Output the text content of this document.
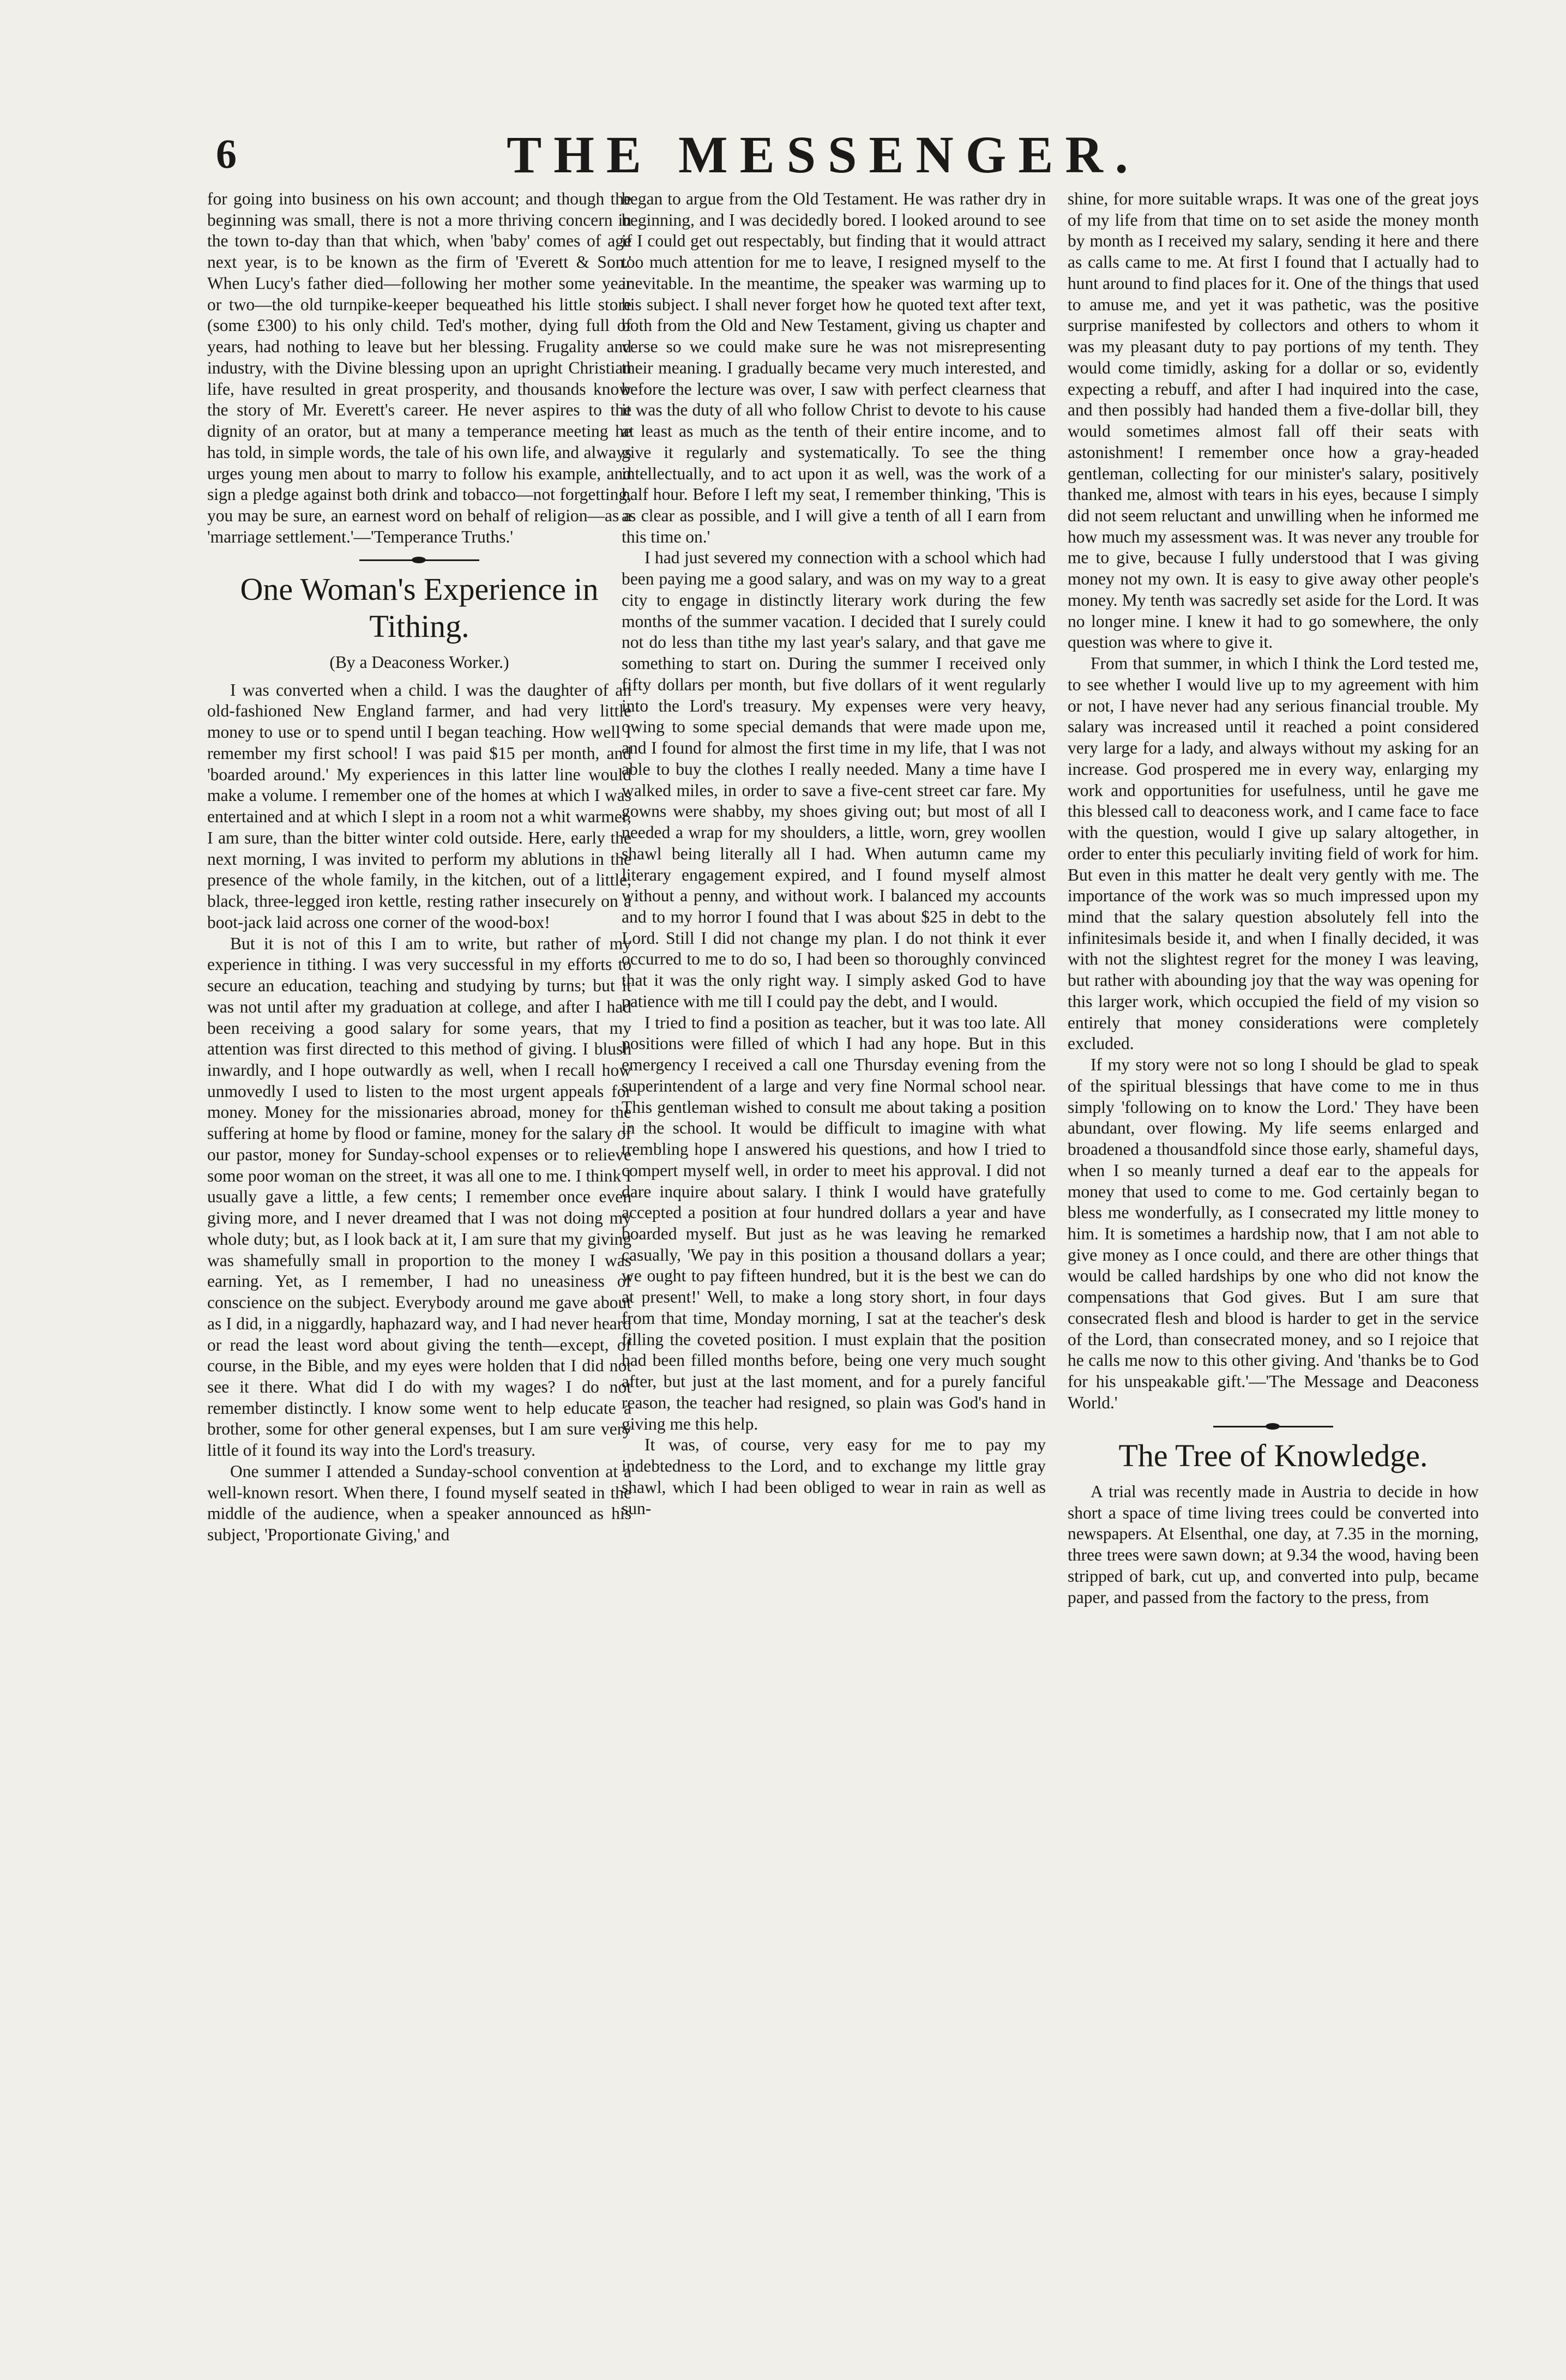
6	THE MESSENGER.

for going into business on his own account; and though the beginning was small, there is not a more thriving concern in the town to-day than that which, when 'baby' comes of age next year, is to be known as the firm of 'Everett & Son.' When Lucy's father died—following her mother some year or two—the old turnpike-keeper bequeathed his little store (some £300) to his only child. Ted's mother, dying full of years, had nothing to leave but her blessing. Frugality and industry, with the Divine blessing upon an upright Christian life, have resulted in great prosperity, and thousands know the story of Mr. Everett's career. He never aspires to the dignity of an orator, but at many a temperance meeting he has told, in simple words, the tale of his own life, and always urges young men about to marry to follow his example, and sign a pledge against both drink and tobacco—not forgetting, you may be sure, an earnest word on behalf of religion—as a 'marriage settlement.'—'Temperance Truths.'

One Woman's Experience in Tithing.
(By a Deaconess Worker.)

I was converted when a child. I was the daughter of an old-fashioned New England farmer, and had very little money to use or to spend until I began teaching. How well I remember my first school! I was paid $15 per month, and 'boarded around.' My experiences in this latter line would make a volume. I remember one of the homes at which I was entertained and at which I slept in a room not a whit warmer, I am sure, than the bitter winter cold outside. Here, early the next morning, I was invited to perform my ablutions in the presence of the whole family, in the kitchen, out of a little, black, three-legged iron kettle, resting rather insecurely on a boot-jack laid across one corner of the wood-box!

But it is not of this I am to write, but rather of my experience in tithing. I was very successful in my efforts to secure an education, teaching and studying by turns; but it was not until after my graduation at college, and after I had been receiving a good salary for some years, that my attention was first directed to this method of giving. I blush inwardly, and I hope outwardly as well, when I recall how unmovedly I used to listen to the most urgent appeals for money. Money for the missionaries abroad, money for the suffering at home by flood or famine, money for the salary of our pastor, money for Sunday-school expenses or to relieve some poor woman on the street, it was all one to me. I think I usually gave a little, a few cents; I remember once even giving more, and I never dreamed that I was not doing my whole duty; but, as I look back at it, I am sure that my giving was shamefully small in proportion to the money I was earning. Yet, as I remember, I had no uneasiness of conscience on the subject. Everybody around me gave about as I did, in a niggardly, haphazard way, and I had never heard or read the least word about giving the tenth—except, of course, in the Bible, and my eyes were holden that I did not see it there. What did I do with my wages? I do not remember distinctly. I know some went to help educate a brother, some for other general expenses, but I am sure very little of it found its way into the Lord's treasury.

One summer I attended a Sunday-school convention at a well-known resort. When there, I found myself seated in the middle of the audience, when a speaker announced as his subject, 'Proportionate Giving,' and

began to argue from the Old Testament. He was rather dry in beginning, and I was decidedly bored. I looked around to see if I could get out respectably, but finding that it would attract too much attention for me to leave, I resigned myself to the inevitable. In the meantime, the speaker was warming up to his subject. I shall never forget how he quoted text after text, both from the Old and New Testament, giving us chapter and verse so we could make sure he was not misrepresenting their meaning. I gradually became very much interested, and before the lecture was over, I saw with perfect clearness that it was the duty of all who follow Christ to devote to his cause at least as much as the tenth of their entire income, and to give it regularly and systematically. To see the thing intellectually, and to act upon it as well, was the work of a half hour. Before I left my seat, I remember thinking, 'This is as clear as possible, and I will give a tenth of all I earn from this time on.'

I had just severed my connection with a school which had been paying me a good salary, and was on my way to a great city to engage in distinctly literary work during the few months of the summer vacation. I decided that I surely could not do less than tithe my last year's salary, and that gave me something to start on. During the summer I received only fifty dollars per month, but five dollars of it went regularly into the Lord's treasury. My expenses were very heavy, owing to some special demands that were made upon me, and I found for almost the first time in my life, that I was not able to buy the clothes I really needed. Many a time have I walked miles, in order to save a five-cent street car fare. My gowns were shabby, my shoes giving out; but most of all I needed a wrap for my shoulders, a little, worn, grey woollen shawl being literally all I had. When autumn came my literary engagement expired, and I found myself almost without a penny, and without work. I balanced my accounts and to my horror I found that I was about $25 in debt to the Lord. Still I did not change my plan. I do not think it ever occurred to me to do so, I had been so thoroughly convinced that it was the only right way. I simply asked God to have patience with me till I could pay the debt, and I would.

I tried to find a position as teacher, but it was too late. All positions were filled of which I had any hope. But in this emergency I received a call one Thursday evening from the superintendent of a large and very fine Normal school near. This gentleman wished to consult me about taking a position in the school. It would be difficult to imagine with what trembling hope I answered his questions, and how I tried to compert myself well, in order to meet his approval. I did not dare inquire about salary. I think I would have gratefully accepted a position at four hundred dollars a year and have boarded myself. But just as he was leaving he remarked casually, 'We pay in this position a thousand dollars a year; we ought to pay fifteen hundred, but it is the best we can do at present!' Well, to make a long story short, in four days from that time, Monday morning, I sat at the teacher's desk filling the coveted position. I must explain that the position had been filled months before, being one very much sought after, but just at the last moment, and for a purely fanciful reason, the teacher had resigned, so plain was God's hand in giving me this help.

It was, of course, very easy for me to pay my indebtedness to the Lord, and to exchange my little gray shawl, which I had been obliged to wear in rain as well as sun-

shine, for more suitable wraps. It was one of the great joys of my life from that time on to set aside the money month by month as I received my salary, sending it here and there as calls came to me. At first I found that I actually had to hunt around to find places for it. One of the things that used to amuse me, and yet it was pathetic, was the positive surprise manifested by collectors and others to whom it was my pleasant duty to pay portions of my tenth. They would come timidly, asking for a dollar or so, evidently expecting a rebuff, and after I had inquired into the case, and then possibly had handed them a five-dollar bill, they would sometimes almost fall off their seats with astonishment! I remember once how a gray-headed gentleman, collecting for our minister's salary, positively thanked me, almost with tears in his eyes, because I simply did not seem reluctant and unwilling when he informed me how much my assessment was. It was never any trouble for me to give, because I fully understood that I was giving money not my own. It is easy to give away other people's money. My tenth was sacredly set aside for the Lord. It was no longer mine. I knew it had to go somewhere, the only question was where to give it.

From that summer, in which I think the Lord tested me, to see whether I would live up to my agreement with him or not, I have never had any serious financial trouble. My salary was increased until it reached a point considered very large for a lady, and always without my asking for an increase. God prospered me in every way, enlarging my work and opportunities for usefulness, until he gave me this blessed call to deaconess work, and I came face to face with the question, would I give up salary altogether, in order to enter this peculiarly inviting field of work for him. But even in this matter he dealt very gently with me. The importance of the work was so much impressed upon my mind that the salary question absolutely fell into the infinitesimals beside it, and when I finally decided, it was with not the slightest regret for the money I was leaving, but rather with abounding joy that the way was opening for this larger work, which occupied the field of my vision so entirely that money considerations were completely excluded.

If my story were not so long I should be glad to speak of the spiritual blessings that have come to me in thus simply 'following on to know the Lord.' They have been abundant, over flowing. My life seems enlarged and broadened a thousandfold since those early, shameful days, when I so meanly turned a deaf ear to the appeals for money that used to come to me. God certainly began to bless me wonderfully, as I consecrated my little money to him. It is sometimes a hardship now, that I am not able to give money as I once could, and there are other things that would be called hardships by one who did not know the compensations that God gives. But I am sure that consecrated flesh and blood is harder to get in the service of the Lord, than consecrated money, and so I rejoice that he calls me now to this other giving. And 'thanks be to God for his unspeakable gift.'—'The Message and Deaconess World.'

The Tree of Knowledge.

A trial was recently made in Austria to decide in how short a space of time living trees could be converted into newspapers. At Elsenthal, one day, at 7.35 in the morning, three trees were sawn down; at 9.34 the wood, having been stripped of bark, cut up, and converted into pulp, became paper, and passed from the factory to the press, from
